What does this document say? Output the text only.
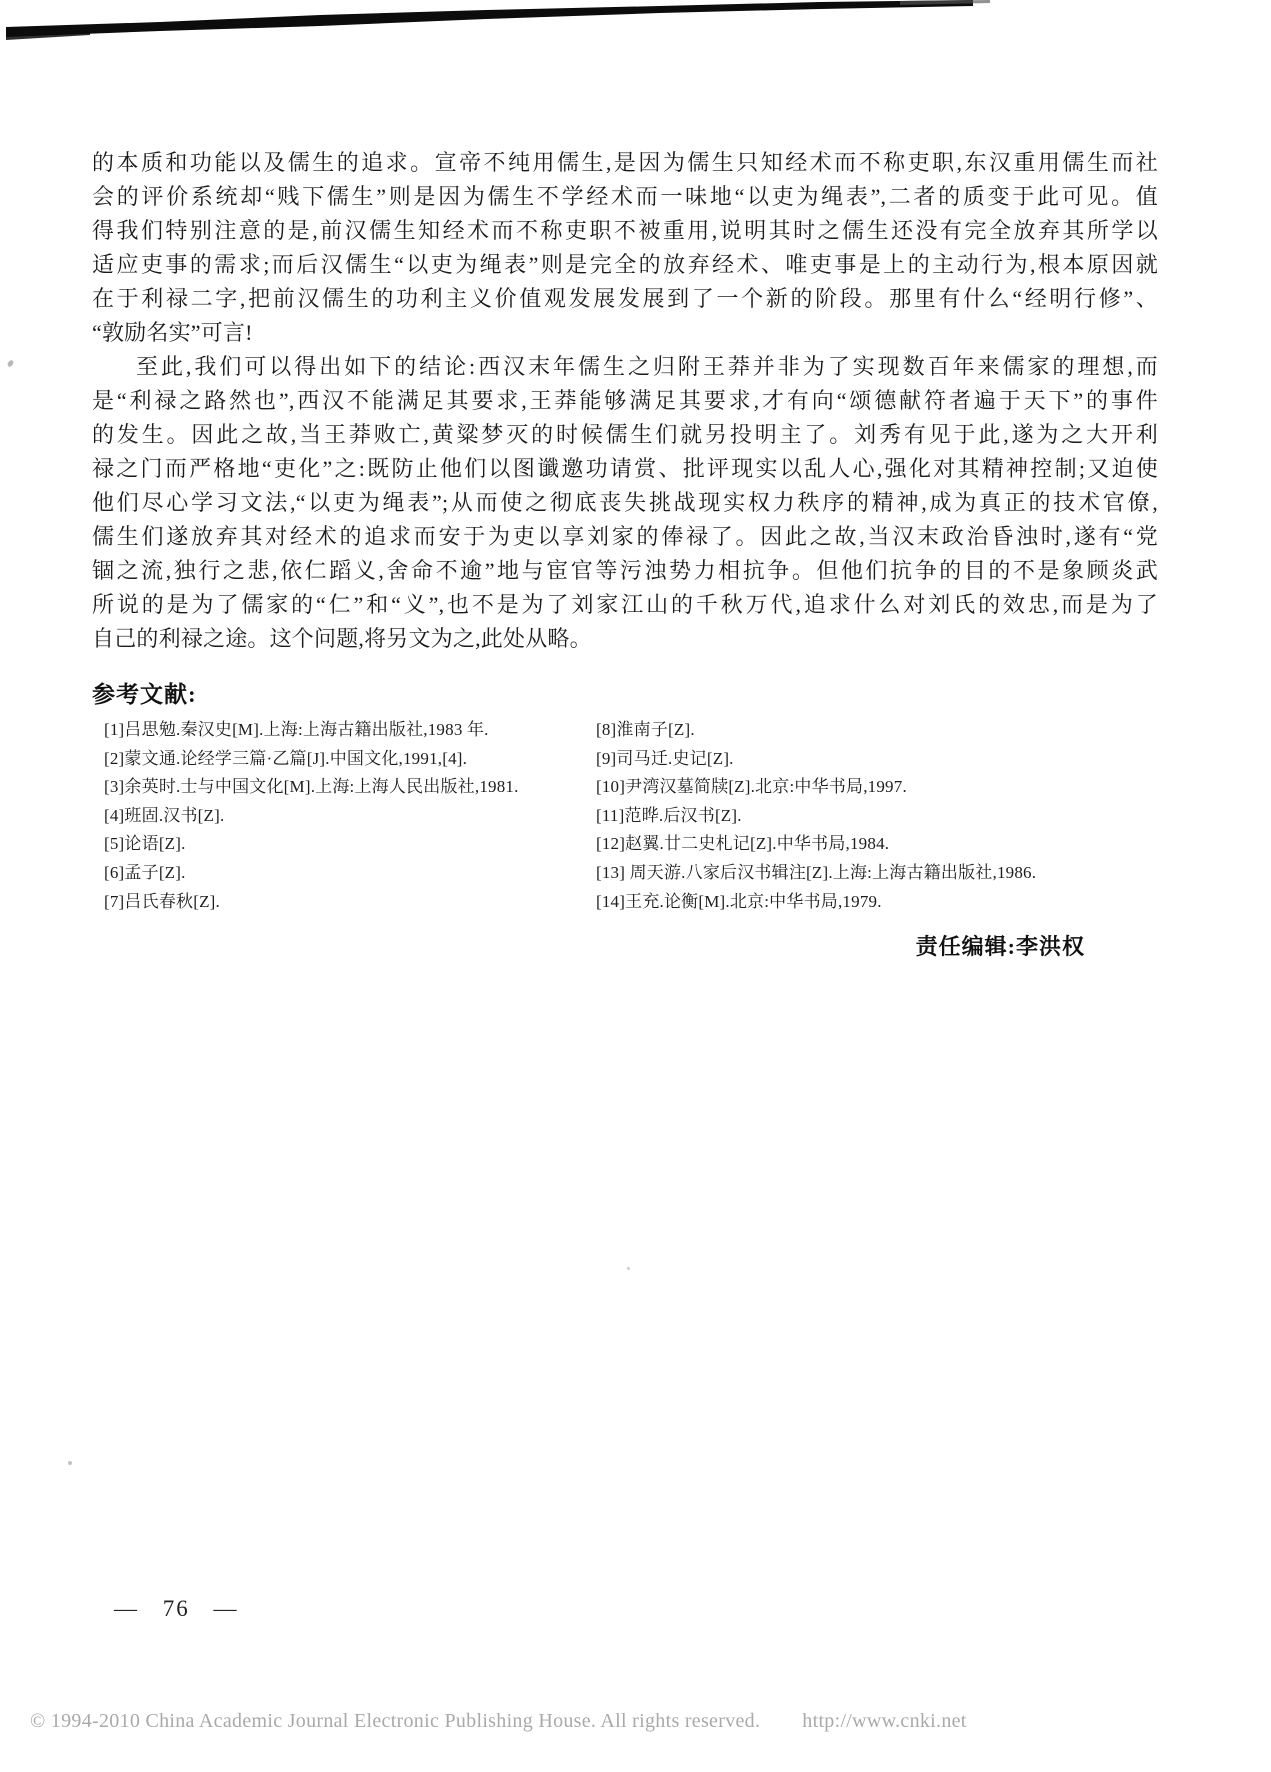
的本质和功能以及儒生的追求。宣帝不纯用儒生,是因为儒生只知经术而不称吏职,东汉重用儒生而社
会的评价系统却“贱下儒生”则是因为儒生不学经术而一味地“以吏为绳表”,二者的质变于此可见。值
得我们特别注意的是,前汉儒生知经术而不称吏职不被重用,说明其时之儒生还没有完全放弃其所学以
适应吏事的需求;而后汉儒生“以吏为绳表”则是完全的放弃经术、唯吏事是上的主动行为,根本原因就
在于利禄二字,把前汉儒生的功利主义价值观发展发展到了一个新的阶段。那里有什么“经明行修”、
“敦励名实”可言!
至此,我们可以得出如下的结论:西汉末年儒生之归附王莽并非为了实现数百年来儒家的理想,而
是“利禄之路然也”,西汉不能满足其要求,王莽能够满足其要求,才有向“颂德献符者遍于天下”的事件
的发生。因此之故,当王莽败亡,黄粱梦灭的时候儒生们就另投明主了。刘秀有见于此,遂为之大开利
禄之门而严格地“吏化”之:既防止他们以图谶邀功请赏、批评现实以乱人心,强化对其精神控制;又迫使
他们尽心学习文法,“以吏为绳表”;从而使之彻底丧失挑战现实权力秩序的精神,成为真正的技术官僚,
儒生们遂放弃其对经术的追求而安于为吏以享刘家的俸禄了。因此之故,当汉末政治昏浊时,遂有“党
锢之流,独行之悲,依仁蹈义,舍命不逾”地与宦官等污浊势力相抗争。但他们抗争的目的不是象顾炎武
所说的是为了儒家的“仁”和“义”,也不是为了刘家江山的千秋万代,追求什么对刘氏的效忠,而是为了
自己的利禄之途。这个问题,将另文为之,此处从略。
参考文献:
[1]吕思勉.秦汉史[M].上海:上海古籍出版社,1983 年.
[2]蒙文通.论经学三篇·乙篇[J].中国文化,1991,[4].
[3]余英时.士与中国文化[M].上海:上海人民出版社,1981.
[4]班固.汉书[Z].
[5]论语[Z].
[6]孟子[Z].
[7]吕氏春秋[Z].
[8]淮南子[Z].
[9]司马迁.史记[Z].
[10]尹湾汉墓简牍[Z].北京:中华书局,1997.
[11]范晔.后汉书[Z].
[12]赵翼.廿二史札记[Z].中华书局,1984.
[13] 周天游.八家后汉书辑注[Z].上海:上海古籍出版社,1986.
[14]王充.论衡[M].北京:中华书局,1979.
责任编辑:李洪权
— 76 —
© 1994-2010 China Academic Journal Electronic Publishing House. All rights reserved. http://www.cnki.net
